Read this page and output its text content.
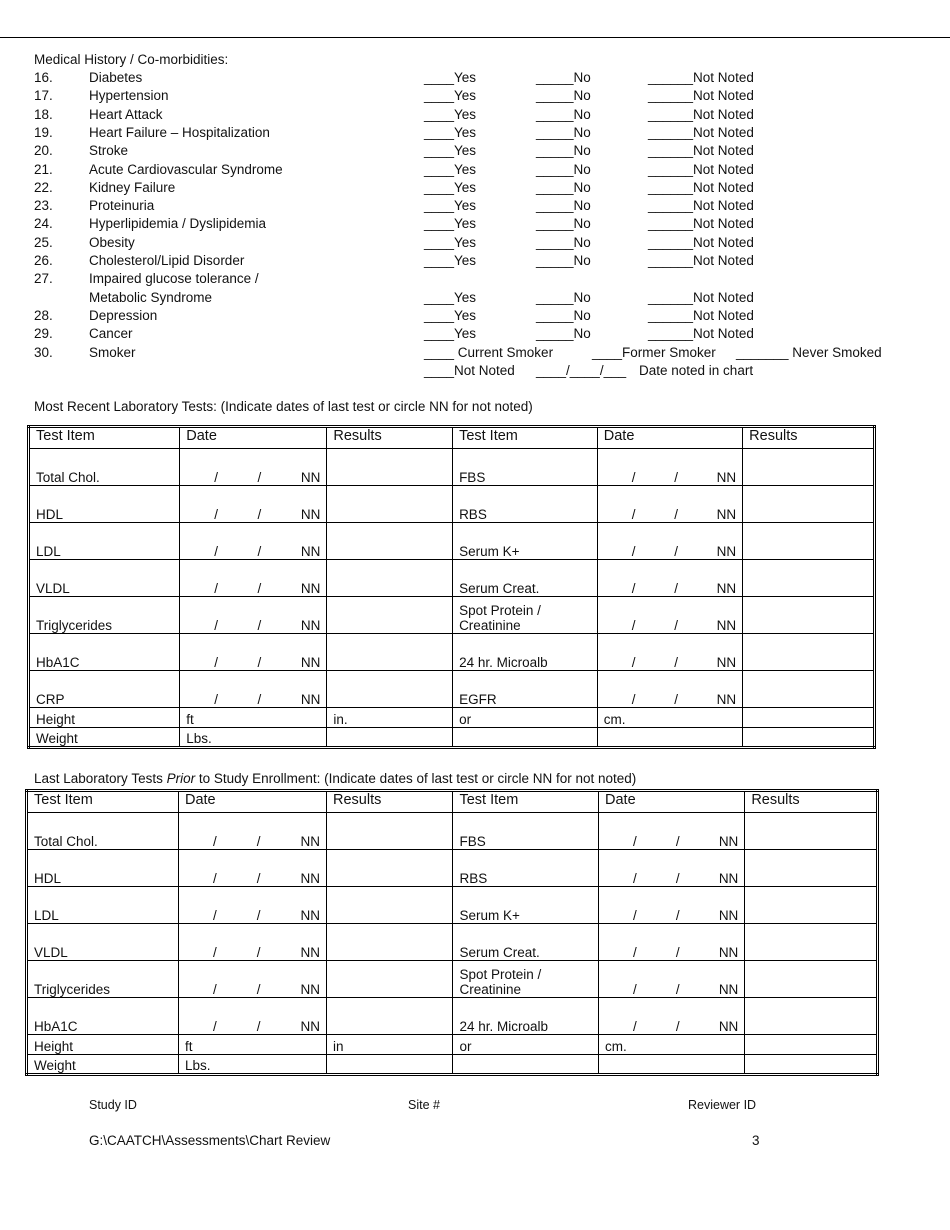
Medical History / Co-morbidities:
16.	Diabetes	____Yes	_____No	______Not Noted
17.	Hypertension	____Yes	_____No	______Not Noted
18.	Heart Attack	____Yes	_____No	______Not Noted
19.	Heart Failure – Hospitalization	____Yes	_____No	______Not Noted
20.	Stroke	____Yes	_____No	______Not Noted
21.	Acute Cardiovascular Syndrome	____Yes	_____No	______Not Noted
22.	Kidney Failure	____Yes	_____No	______Not Noted
23.	Proteinuria	____Yes	_____No	______Not Noted
24.	Hyperlipidemia / Dyslipidemia	____Yes	_____No	______Not Noted
25.	Obesity	____Yes	_____No	______Not Noted
26.	Cholesterol/Lipid Disorder	____Yes	_____No	______Not Noted
27.	Impaired glucose tolerance /
Metabolic Syndrome	____Yes	_____No	______Not Noted
28.	Depression	____Yes	_____No	______Not Noted
29.	Cancer	____Yes	_____No	______Not Noted
30.	Smoker	____ Current Smoker	____Former Smoker _______ Never Smoked
____Not Noted ____/____/___ Date noted in chart
Most Recent Laboratory Tests: (Indicate dates of last test or circle NN for not noted)
Test Item	Date	Results	Test Item	Date	Results
Total Chol.	/ / NN		FBS	/ / NN	

HDL	/ / NN		RBS	/ / NN	

LDL	/ / NN		Serum K+	/ / NN	

VLDL	/ / NN		Serum Creat.	/ / NN	

Triglycerides	/ / NN		Spot Protein / Creatinine	/ / NN	

HbA1C	/ / NN		24 hr. Microalb	/ / NN	

CRP	/ / NN		EGFR	/ / NN	

Height	ft	in.	or	cm.	
Weight	Lbs.				
Last Laboratory Tests Prior to Study Enrollment: (Indicate dates of last test or circle NN for not noted)
Test Item	Date	Results	Test Item	Date	Results
Total Chol.	/ / NN		FBS	/ / NN	

HDL	/ / NN		RBS	/ / NN	

LDL	/ / NN		Serum K+	/ / NN	

VLDL	/ / NN		Serum Creat.	/ / NN	

Triglycerides	/ / NN		Spot Protein / Creatinine	/ / NN	

HbA1C	/ / NN		24 hr. Microalb	/ / NN	

Height	ft	in	or	cm.	
Weight	Lbs.				
Study ID	Site #	Reviewer ID
G:\CAATCH\Assessments\Chart Review	3
